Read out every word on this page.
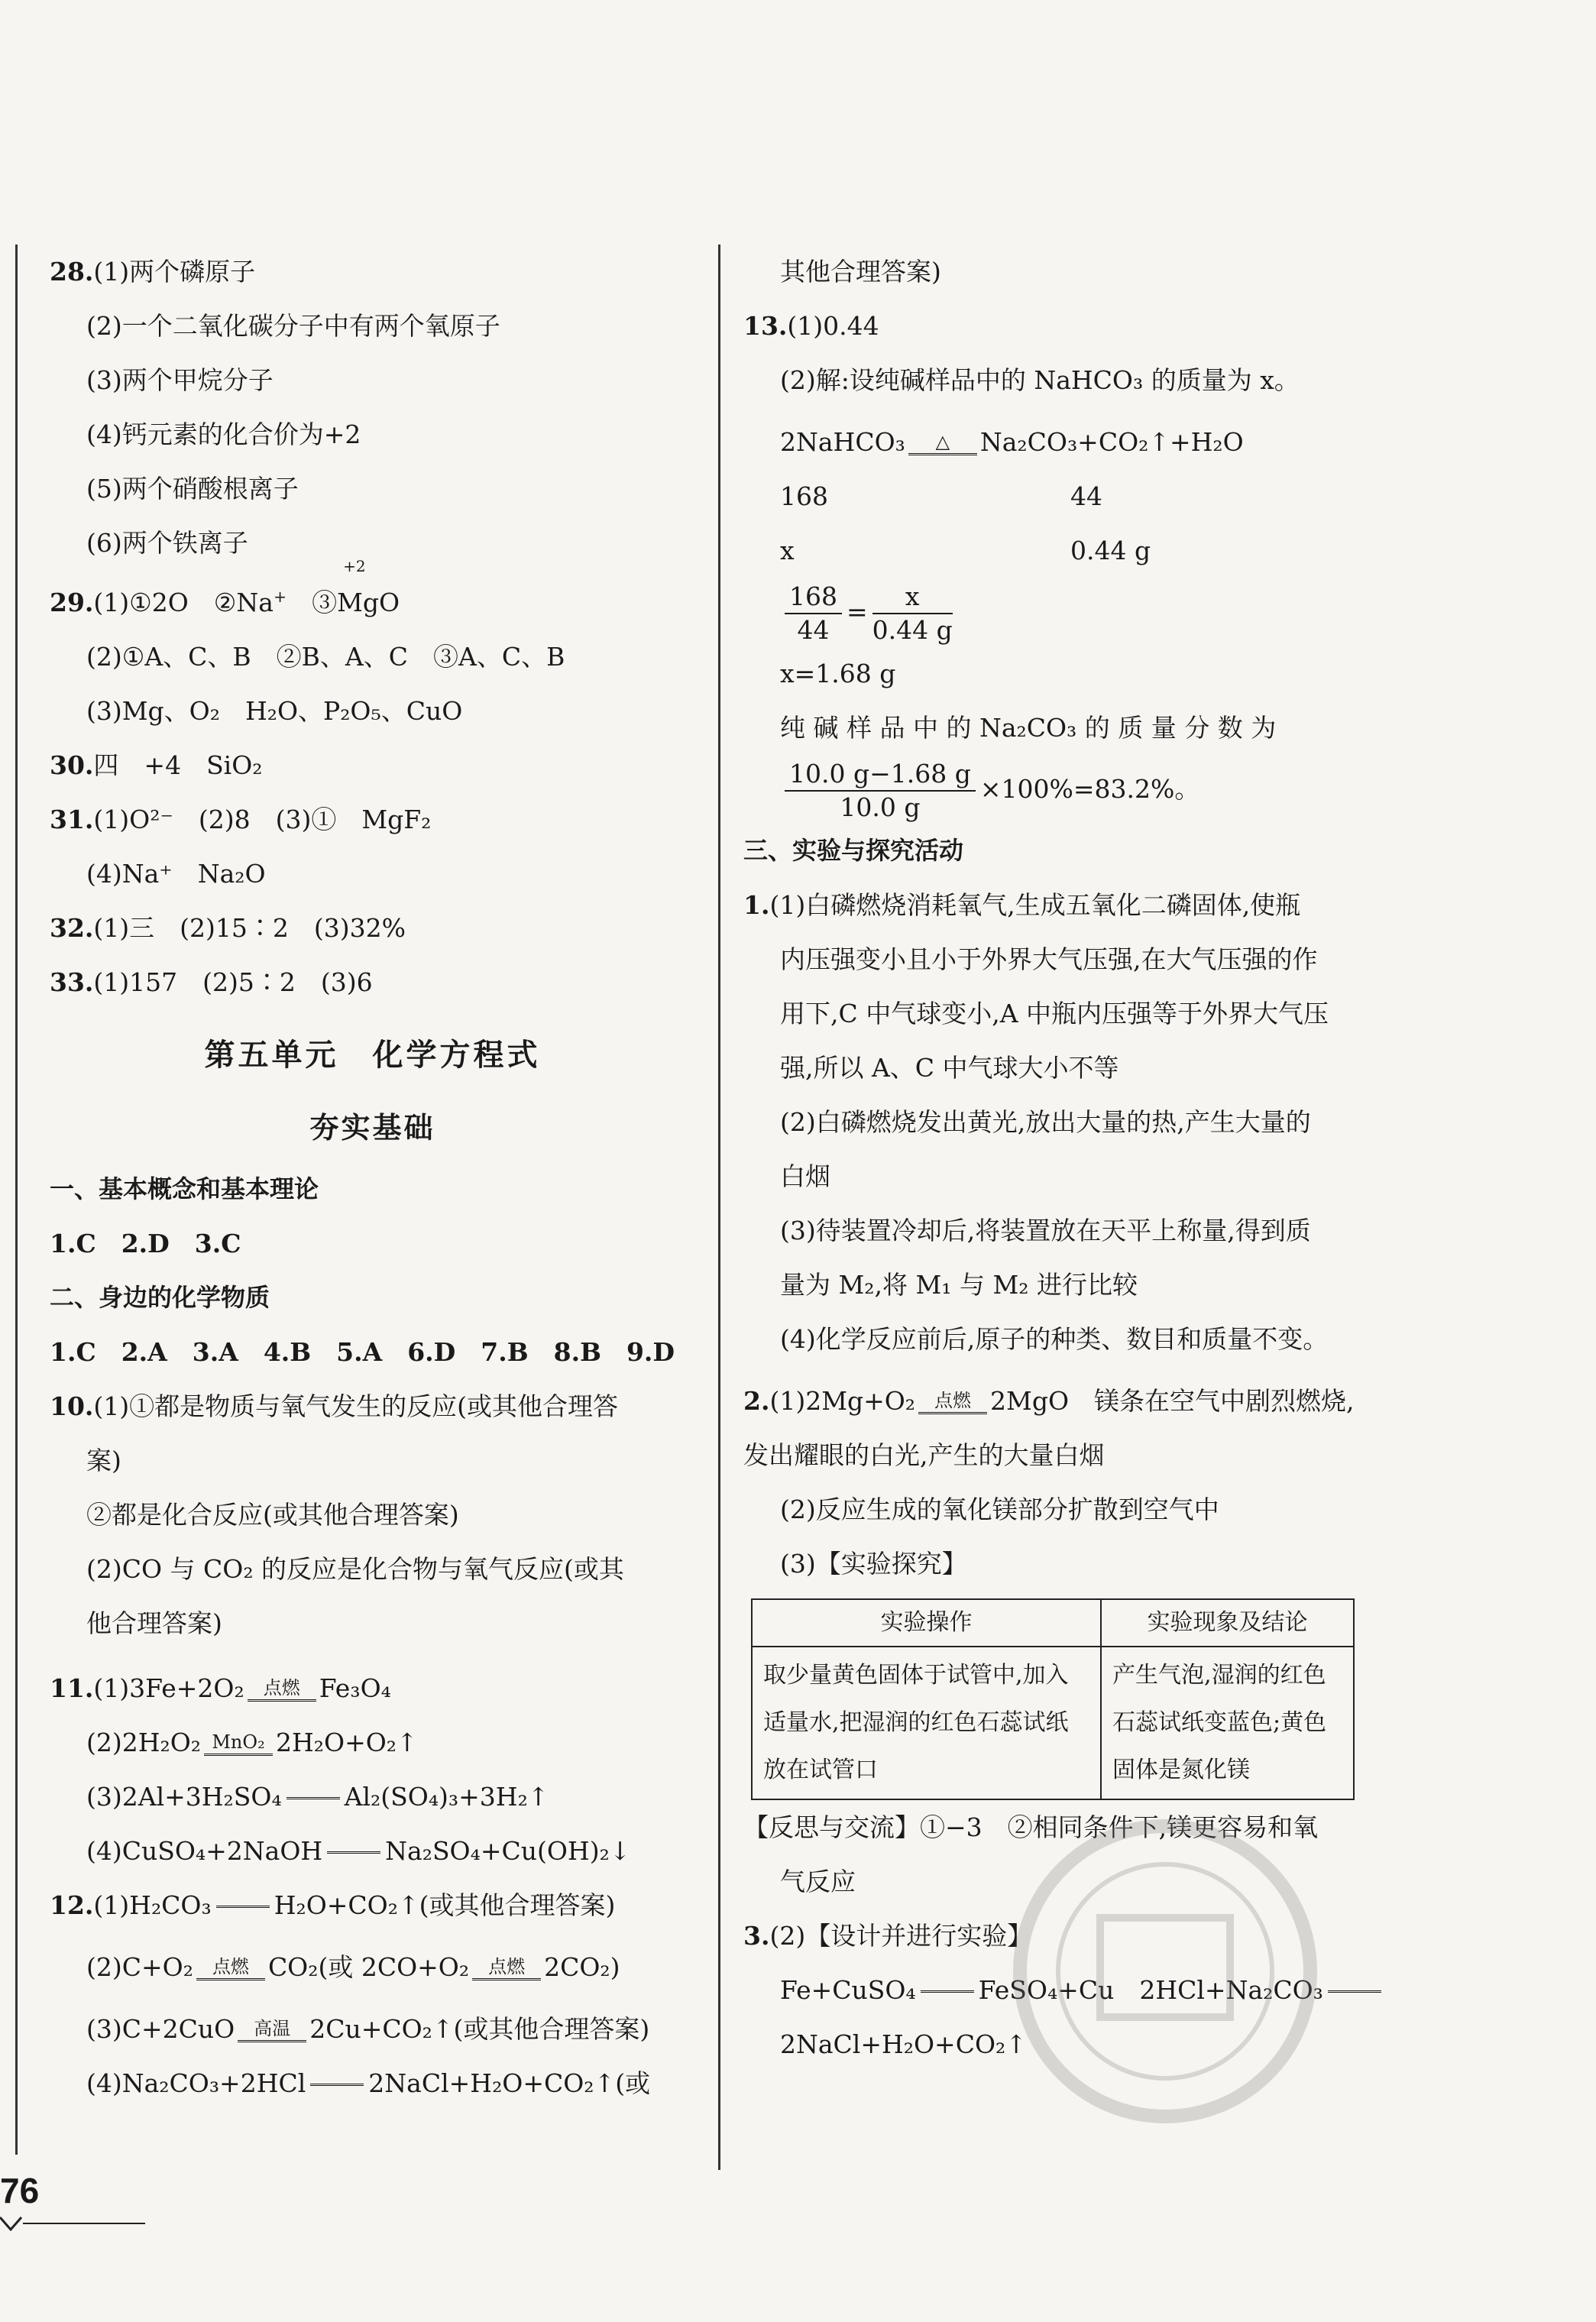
28.(1)两个磷原子
(2)一个二氧化碳分子中有两个氧原子
(3)两个甲烷分子
(4)钙元素的化合价为+2
(5)两个硝酸根离子
(6)两个铁离子
29.(1)①2O　②Na+　③
+2
MgO
(2)①A、C、B　②B、A、C　③A、C、B
(3)Mg、O₂　H₂O、P₂O₅、CuO
30.四　+4　SiO₂
31.(1)O²⁻　(2)8　(3)①　MgF₂
(4)Na⁺　Na₂O
32.(1)三　(2)15∶2　(3)32%
33.(1)157　(2)5∶2　(3)6
第五单元　化学方程式
夯实基础
一、基本概念和基本理论
1.C　2.D　3.C
二、身边的化学物质
1.C　2.A　3.A　4.B　5.A　6.D　7.B　8.B　9.D
10.(1)①都是物质与氧气发生的反应(或其他合理答
案)
②都是化合反应(或其他合理答案)
(2)CO 与 CO₂ 的反应是化合物与氧气反应(或其
他合理答案)
11.(1)3Fe+2O₂	点燃 Fe₃O₄
(2)2H₂O₂ MnO₂ 2H₂O+O₂↑
(3)2Al+3H₂SO₄ Al₂(SO₄)₃+3H₂↑
(4)CuSO₄+2NaOH Na₂SO₄+Cu(OH)₂↓
12.(1)H₂CO₃ H₂O+CO₂↑(或其他合理答案)
(2)C+O₂	点燃 CO₂(或 2CO+O₂	点燃 2CO₂)
(3)C+2CuO	高温 2Cu+CO₂↑(或其他合理答案)
(4)Na₂CO₃+2HCl 2NaCl+H₂O+CO₂↑(或
其他合理答案)
13.(1)0.44
(2)解:设纯碱样品中的 NaHCO₃ 的质量为 x。
2NaHCO₃	△	Na₂CO₃+CO₂↑+H₂O
168	44
x	0.44 g
$\frac{168}{44} = \frac{x}{0.44 g}$
x=1.68 g
纯 碱 样 品 中 的 Na₂CO₃ 的 质 量 分 数 为
$\frac{10.0 g-1.68 g}{10.0 g} \times 100\%=83.2\%$。
三、实验与探究活动
1.(1)白磷燃烧消耗氧气,生成五氧化二磷固体,使瓶
内压强变小且小于外界大气压强,在大气压强的作
用下,C 中气球变小,A 中瓶内压强等于外界大气压
强,所以 A、C 中气球大小不等
(2)白磷燃烧发出黄光,放出大量的热,产生大量的
白烟
(3)待装置冷却后,将装置放在天平上称量,得到质
量为 M₂,将 M₁ 与 M₂ 进行比较
(4)化学反应前后,原子的种类、数目和质量不变。
2.(1)2Mg+O₂	点燃 2MgO　镁条在空气中剧烈燃烧,
发出耀眼的白光,产生的大量白烟
(2)反应生成的氧化镁部分扩散到空气中
(3)【实验探究】
实验操作	实验现象及结论
取少量黄色固体于试管中,加入适量水,把湿润的红色石蕊试纸放在试管口	产生气泡,湿润的红色石蕊试纸变蓝色;黄色固体是氮化镁
【反思与交流】①−3　②相同条件下,镁更容易和氧
气反应
3.(2)【设计并进行实验】
Fe+CuSO₄ FeSO₄+Cu　2HCl+Na₂CO₃
2NaCl+H₂O+CO₂↑
76
